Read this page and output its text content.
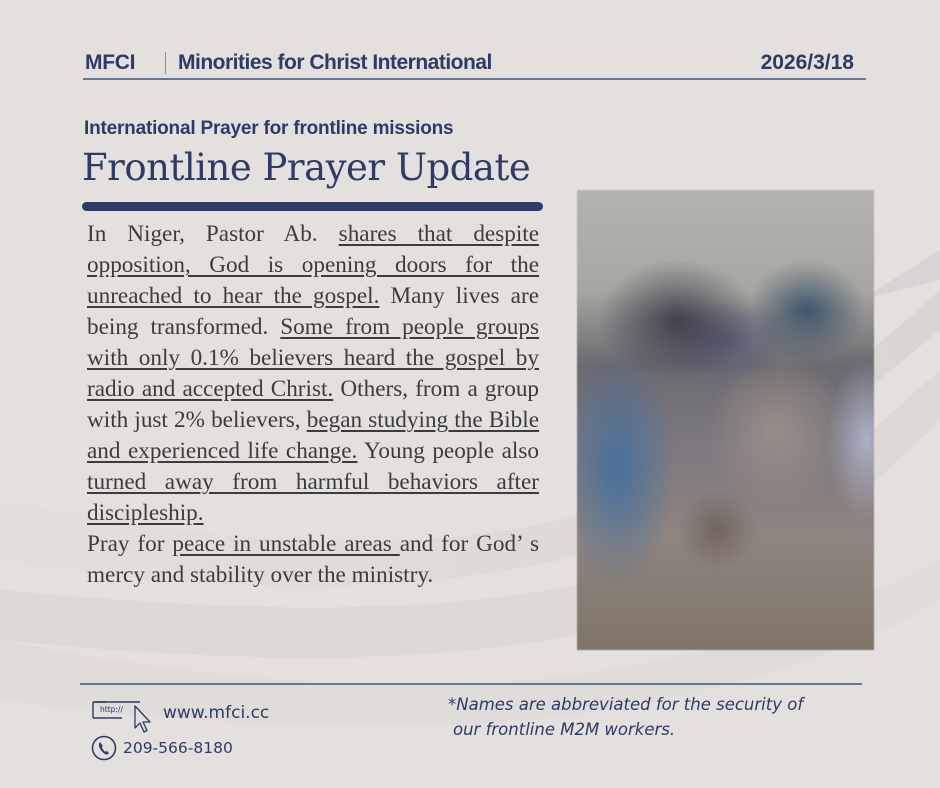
MFCI Minorities for Christ International	2026/3/18
International Prayer for frontline missions
Frontline Prayer Update

In Niger, Pastor Ab. shares that despite opposition, God is opening doors for the unreached to hear the gospel. Many lives are being transformed. Some from people groups with only 0.1% believers heard the gospel by radio and accepted Christ. Others, from a group with just 2% believers, began studying the Bible and experienced life change. Young people also turned away from harmful behaviors after discipleship.

Pray for peace in unstable areas and for God’ s mercy and stability over the ministry.

http:// www.mfci.cc
209-566-8180
*Names are abbreviated for the security of
our frontline M2M workers.
